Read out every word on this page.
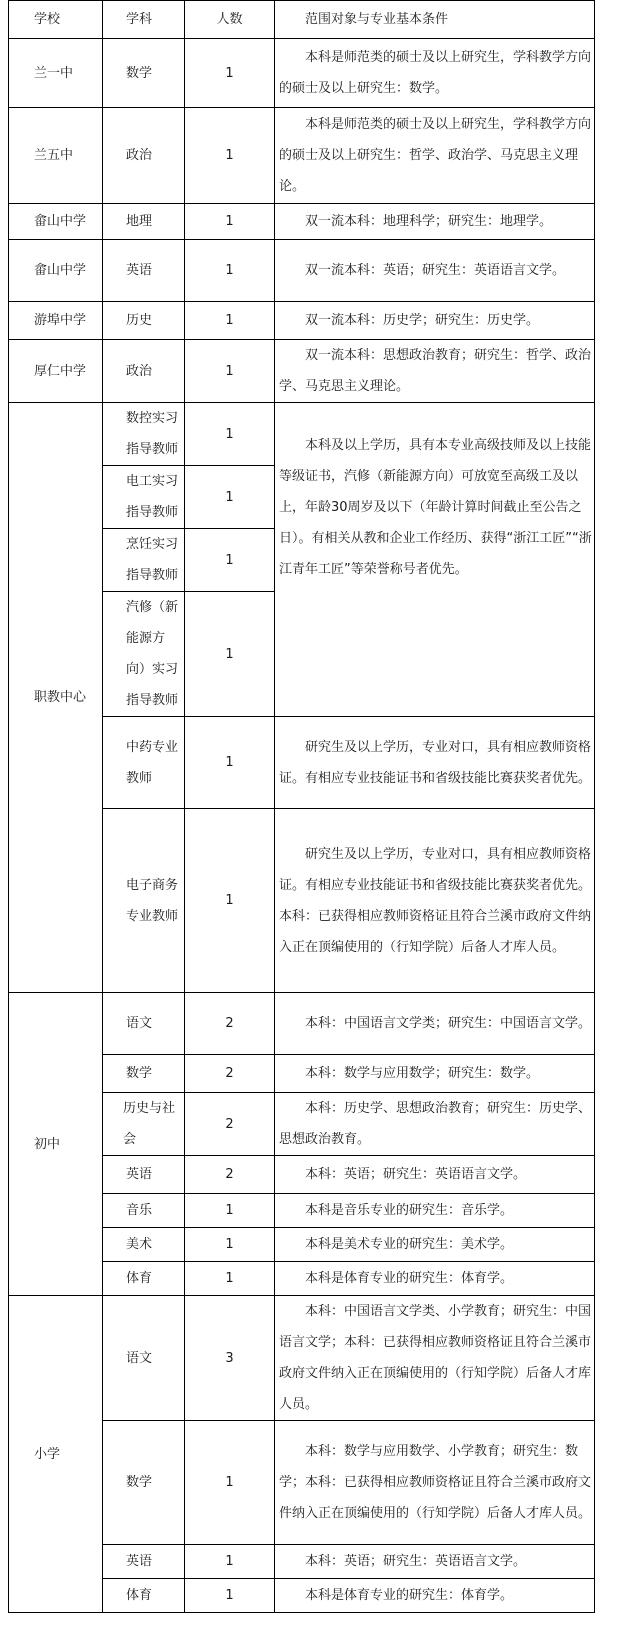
学校	学科	人数	范围对象与专业基本条件
兰一中	数学	1	本科是师范类的硕士及以上研究生，学科教学方向的硕士及以上研究生：数学。

兰五中	政治	1	本科是师范类的硕士及以上研究生，学科教学方向的硕士及以上研究生：哲学、政治学、马克思主义理论。

畲山中学	地理	1	双一流本科：地理科学；研究生：地理学。

畲山中学	英语	1	双一流本科：英语；研究生：英语语言文学。

游埠中学	历史	1	双一流本科：历史学；研究生：历史学。

厚仁中学	政治	1	双一流本科：思想政治教育；研究生：哲学、政治学、马克思主义理论。

职教中心	数控实习指导教师	1	本科及以上学历，具有本专业高级技师及以上技能等级证书，汽修（新能源方向）可放宽至高级工及以上，年龄30周岁及以下（年龄计算时间截止至公告之日）。有相关从教和企业工作经历、获得“浙江工匠”“浙江青年工匠”等荣誉称号者优先。

	电工实习指导教师	1	
	烹饪实习指导教师	1	
	汽修（新能源方向）实习指导教师	1	
	中药专业教师	1	研究生及以上学历，专业对口，具有相应教师资格证。有相应专业技能证书和省级技能比赛获奖者优先。

	电子商务专业教师	1	研究生及以上学历，专业对口，具有相应教师资格证。有相应专业技能证书和省级技能比赛获奖者优先。本科：已获得相应教师资格证且符合兰溪市政府文件纳入正在顶编使用的（行知学院）后备人才库人员。

初中	语文	2	本科：中国语言文学类；研究生：中国语言文学。

	数学	2	本科：数学与应用数学；研究生：数学。

	历史与社会	2	本科：历史学、思想政治教育；研究生：历史学、思想政治教育。

	英语	2	本科：英语；研究生：英语语言文学。

	音乐	1	本科是音乐专业的研究生：音乐学。

	美术	1	本科是美术专业的研究生：美术学。

	体育	1	本科是体育专业的研究生：体育学。

小学	语文	3	本科：中国语言文学类、小学教育；研究生：中国语言文学；本科：已获得相应教师资格证且符合兰溪市政府文件纳入正在顶编使用的（行知学院）后备人才库人员。

	数学	1	本科：数学与应用数学、小学教育；研究生：数学；本科：已获得相应教师资格证且符合兰溪市政府文件纳入正在顶编使用的（行知学院）后备人才库人员。

	英语	1	本科：英语；研究生：英语语言文学。

	体育	1	本科是体育专业的研究生：体育学。
